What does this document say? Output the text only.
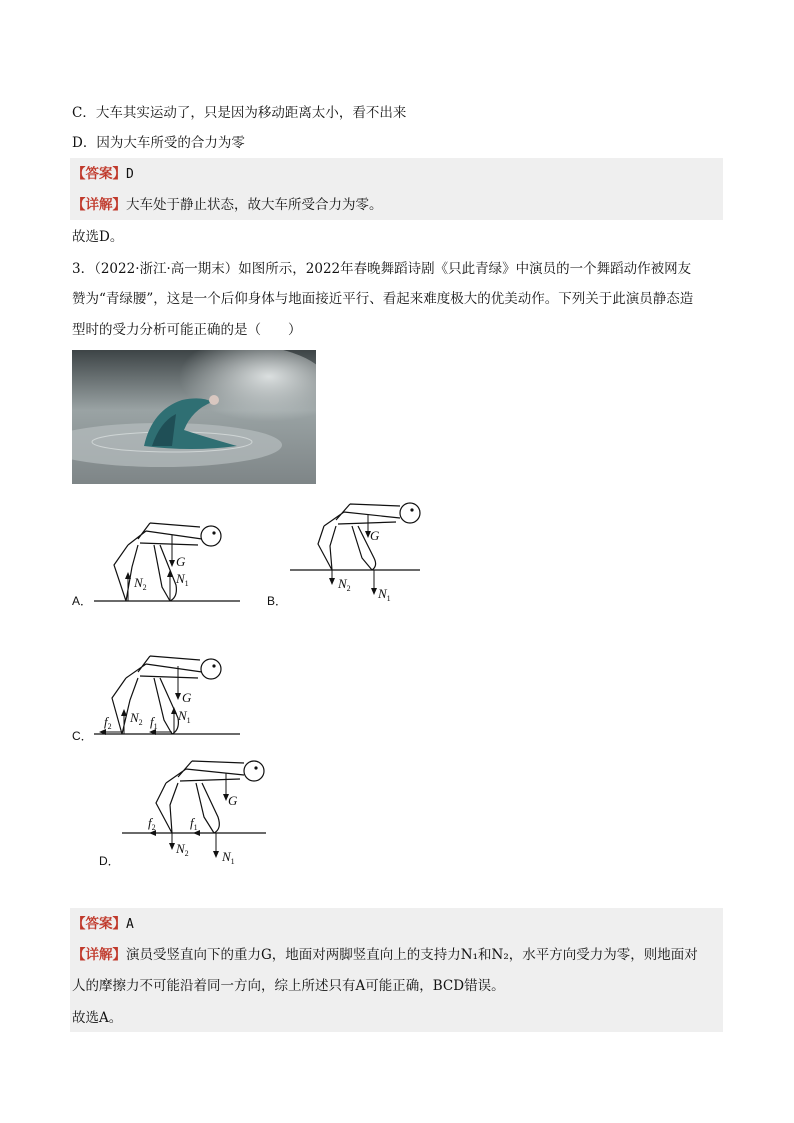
C．大车其实运动了，只是因为移动距离太小，看不出来
D．因为大车所受的合力为零
【答案】D
【详解】大车处于静止状态，故大车所受合力为零。
故选D。
3．（2022·浙江·高一期末）如图所示，2022年春晚舞蹈诗剧《只此青绿》中演员的一个舞蹈动作被网友
赞为“青绿腰”，这是一个后仰身体与地面接近平行、看起来难度极大的优美动作。下列关于此演员静态造
型时的受力分析可能正确的是（　　）
A．
G
$N_2$
$N_1$
B．
G
$N_2$ $N_1$
C．
G
$N_2$	$N_1$
$f_2$	$f_1$
D．
G
$N_2$	$N_1$
$f_2$	$f_1$
【答案】A
【详解】演员受竖直向下的重力G，地面对两脚竖直向上的支持力N₁和N₂，水平方向受力为零，则地面对
人的摩擦力不可能沿着同一方向，综上所述只有A可能正确，BCD错误。
故选A。
